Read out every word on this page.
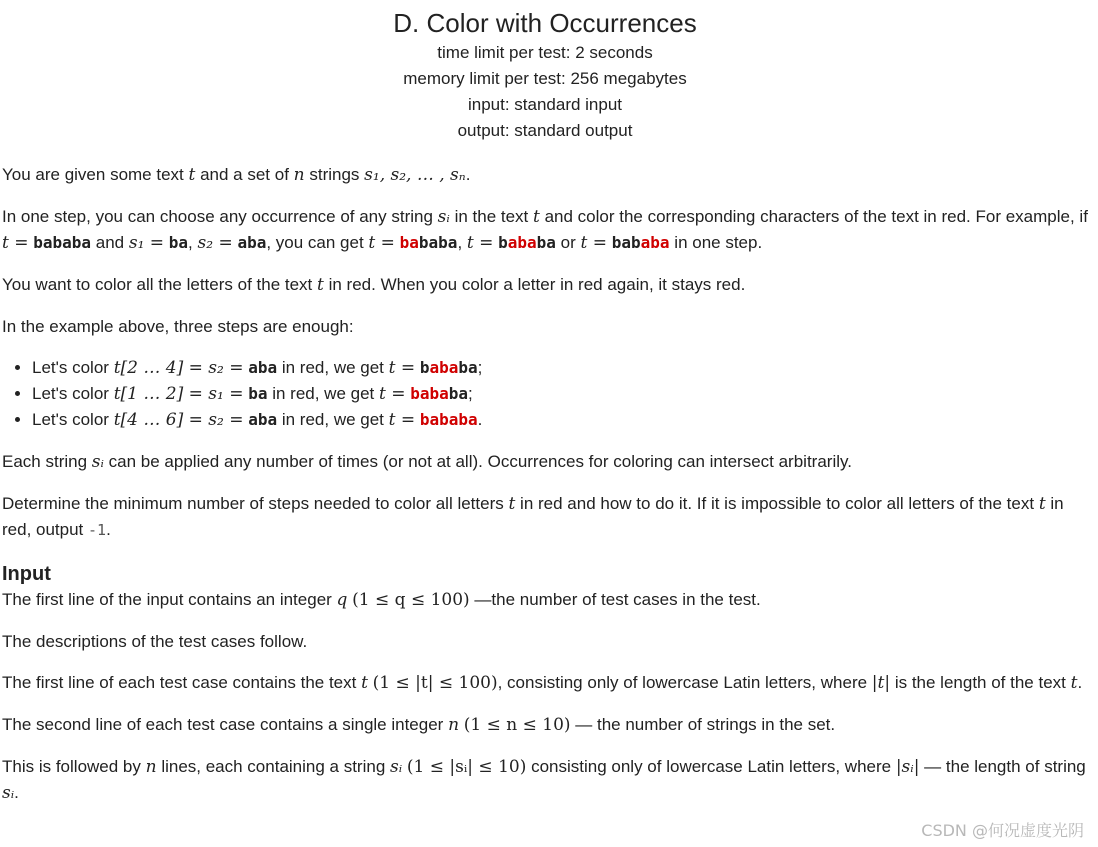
D. Color with Occurrences
time limit per test: 2 seconds
memory limit per test: 256 megabytes
input: standard input
output: standard output

You are given some text t and a set of n strings s₁, s₂, … , sₙ.

In one step, you can choose any occurrence of any string sᵢ in the text t and color the corresponding characters of the text in red. For example, if t = bababa and s₁ = ba, s₂ = aba, you can get t = bababa, t = bababa or t = bababa in one step.

You want to color all the letters of the text t in red. When you color a letter in red again, it stays red.

In the example above, three steps are enough:

• Let's color t[2 … 4] = s₂ = aba in red, we get t = bababa;
• Let's color t[1 … 2] = s₁ = ba in red, we get t = bababa;
• Let's color t[4 … 6] = s₂ = aba in red, we get t = bababa.

Each string sᵢ can be applied any number of times (or not at all). Occurrences for coloring can intersect arbitrarily.

Determine the minimum number of steps needed to color all letters t in red and how to do it. If it is impossible to color all letters of the text t in red, output -1.

Input

The first line of the input contains an integer q (1 ≤ q ≤ 100) —the number of test cases in the test.

The descriptions of the test cases follow.

The first line of each test case contains the text t (1 ≤ |t| ≤ 100), consisting only of lowercase Latin letters, where |t| is the length of the text t.

The second line of each test case contains a single integer n (1 ≤ n ≤ 10) — the number of strings in the set.

This is followed by n lines, each containing a string sᵢ (1 ≤ |sᵢ| ≤ 10) consisting only of lowercase Latin letters, where |sᵢ| — the length of string sᵢ.

CSDN @何况虚度光阴
